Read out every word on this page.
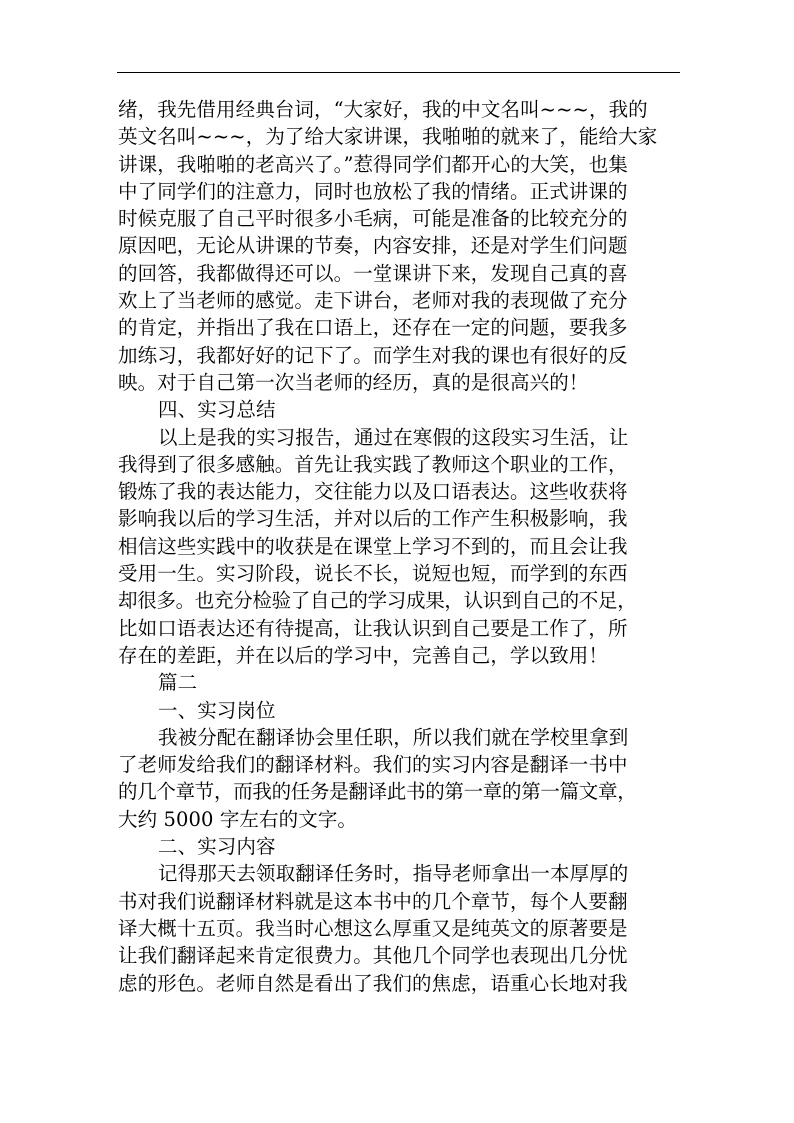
绪，我先借用经典台词，“大家好，我的中文名叫~~~，我的
英文名叫~~~，为了给大家讲课，我啪啪的就来了，能给大家
讲课，我啪啪的老高兴了。”惹得同学们都开心的大笑，也集
中了同学们的注意力，同时也放松了我的情绪。正式讲课的
时候克服了自己平时很多小毛病，可能是准备的比较充分的
原因吧，无论从讲课的节奏，内容安排，还是对学生们问题
的回答，我都做得还可以。一堂课讲下来，发现自己真的喜
欢上了当老师的感觉。走下讲台，老师对我的表现做了充分
的肯定，并指出了我在口语上，还存在一定的问题，要我多
加练习，我都好好的记下了。而学生对我的课也有很好的反
映。对于自己第一次当老师的经历，真的是很高兴的！
四、实习总结
以上是我的实习报告，通过在寒假的这段实习生活，让
我得到了很多感触。首先让我实践了教师这个职业的工作，
锻炼了我的表达能力，交往能力以及口语表达。这些收获将
影响我以后的学习生活，并对以后的工作产生积极影响，我
相信这些实践中的收获是在课堂上学习不到的，而且会让我
受用一生。实习阶段，说长不长，说短也短，而学到的东西
却很多。也充分检验了自己的学习成果，认识到自己的不足，
比如口语表达还有待提高，让我认识到自己要是工作了，所
存在的差距，并在以后的学习中，完善自己，学以致用！
篇二
一、实习岗位
我被分配在翻译协会里任职，所以我们就在学校里拿到
了老师发给我们的翻译材料。我们的实习内容是翻译一书中
的几个章节，而我的任务是翻译此书的第一章的第一篇文章，
大约 5000 字左右的文字。
二、实习内容
记得那天去领取翻译任务时，指导老师拿出一本厚厚的
书对我们说翻译材料就是这本书中的几个章节，每个人要翻
译大概十五页。我当时心想这么厚重又是纯英文的原著要是
让我们翻译起来肯定很费力。其他几个同学也表现出几分忧
虑的形色。老师自然是看出了我们的焦虑，语重心长地对我
